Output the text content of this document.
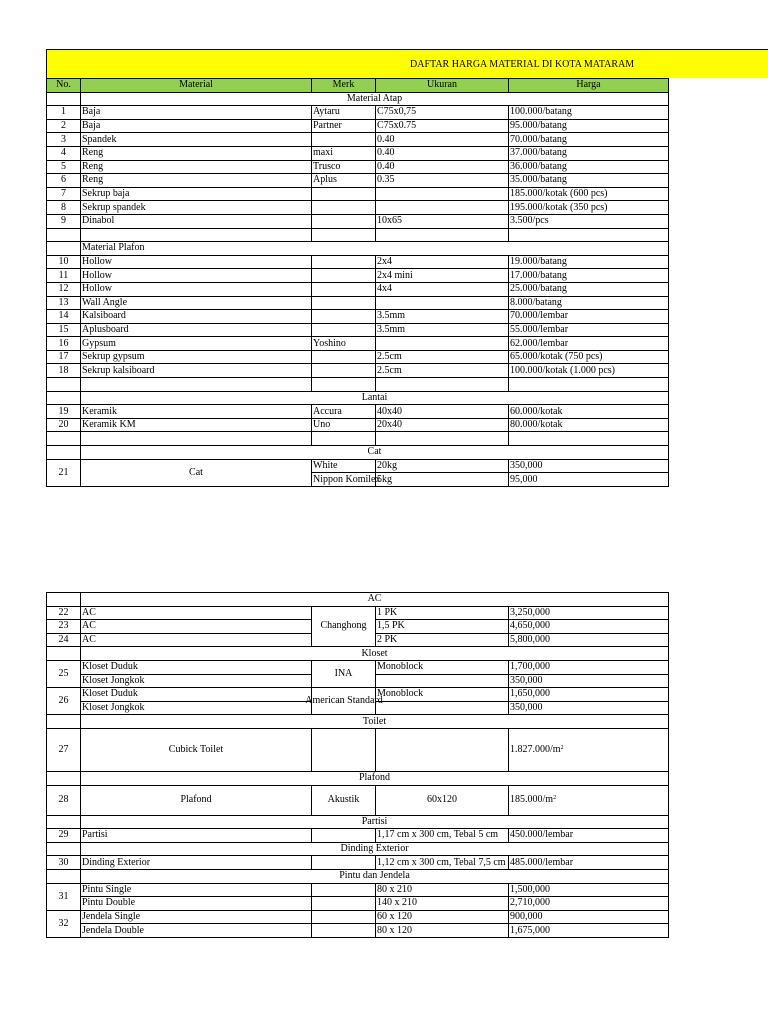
DAFTAR HARGA MATERIAL DI KOTA MATARAM
No.	Material	Merk	Ukuran	Harga
	Material Atap			
1	Baja	Aytaru	C75x0,75	100.000/batang
2	Baja	Partner	C75x0.75	95.000/batang
3	Spandek		0.40	70.000/batang
4	Reng	maxi	0.40	37.000/batang
5	Reng	Trusco	0.40	36.000/batang
6	Reng	Aplus	0.35	35.000/batang
7	Sekrup baja			185.000/kotak (600 pcs)
8	Sekrup spandek			195.000/kotak (350 pcs)
9	Dinabol		10x65	3.500/pcs

	Material Plafon			
10	Hollow		2x4	19.000/batang
11	Hollow		2x4 mini	17.000/batang
12	Hollow		4x4	25.000/batang
13	Wall Angle			8.000/batang
14	Kalsiboard		3.5mm	70.000/lembar
15	Aplusboard		3.5mm	55.000/lembar
16	Gypsum	Yoshino		62.000/lembar
17	Sekrup gypsum		2.5cm	65.000/kotak (750 pcs)
18	Sekrup kalsiboard		2.5cm	100.000/kotak (1.000 pcs)

	Lantai			
19	Keramik	Accura	40x40	60.000/kotak
20	Keramik KM	Uno	20x40	80.000/kotak

	Cat			
21	Cat	White	20kg	350,000
		Nippon Komilex	5kg	95,000
	AC			
22	AC	Changhong	1 PK	3,250,000
23	AC		1,5 PK	4,650,000
24	AC		2 PK	5,800,000
	Kloset			
25	Kloset Duduk	INA	Monoblock	1,700,000
	Kloset Jongkok			350,000
26	Kloset Duduk	American Standard	Monoblock	1,650,000
	Kloset Jongkok			350,000
	Toilet			
27	Cubick Toilet			$1.827.000/m^2$
	Plafond			
28	Plafond	Akustik	60x120	$185.000/m^2$
	Partisi			
29	Partisi		1,17 cm x 300 cm, Tebal 5 cm	450.000/lembar
	Dinding Exterior			
30	Dinding Exterior		1,12 cm x 300 cm, Tebal 7,5 cm	485.000/lembar
	Pintu dan Jendela			
31	Pintu Single		80 x 210	1,500,000
	Pintu Double		140 x 210	2,710,000
32	Jendela Single		60 x 120	900,000
	Jendela Double		80 x 120	1,675,000
